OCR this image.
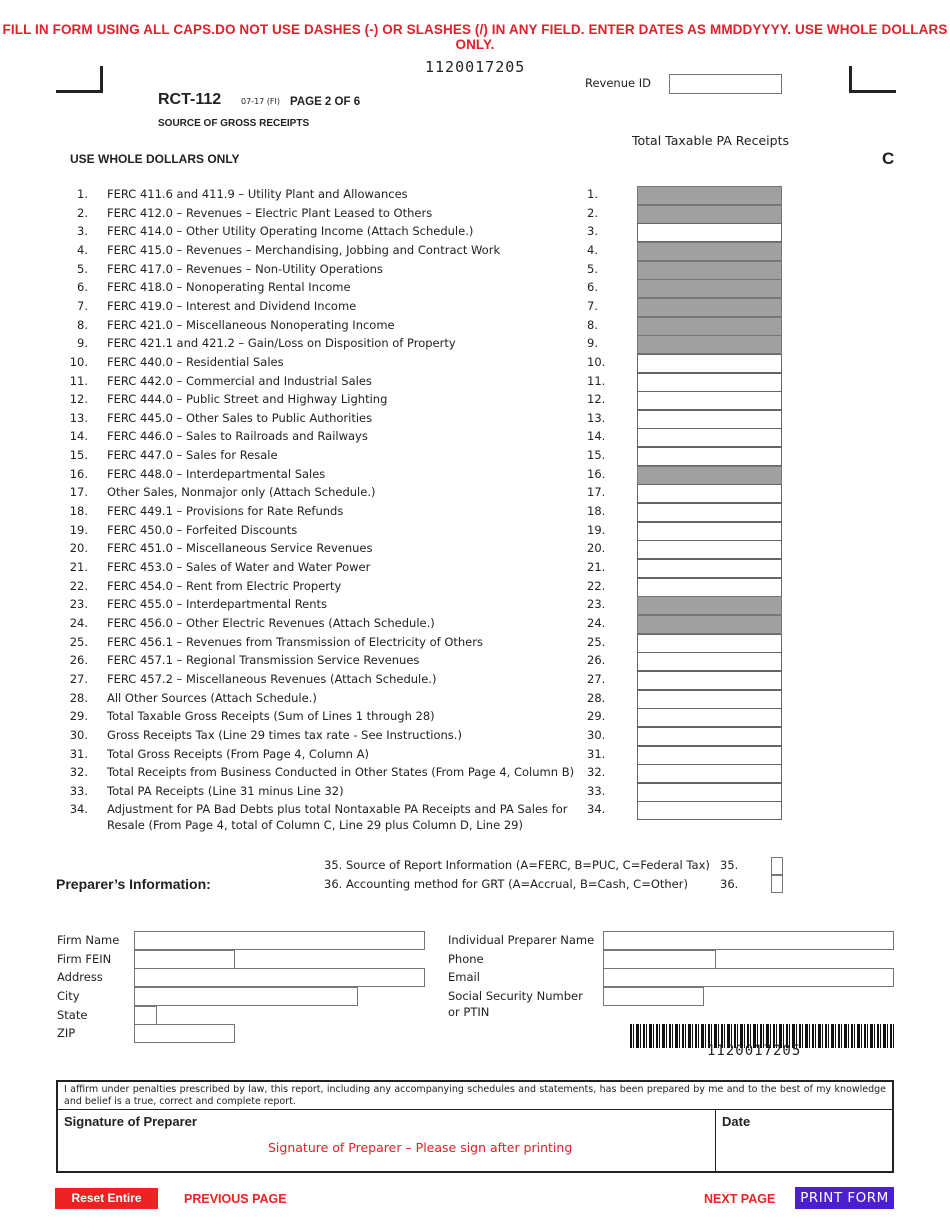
FILL IN FORM USING ALL CAPS.DO NOT USE DASHES (-) OR SLASHES (/) IN ANY FIELD. ENTER DATES AS MMDDYYYY. USE WHOLE DOLLARS ONLY.
1120017205
Revenue ID
RCT-112 07-17 (FI) PAGE 2 OF 6
SOURCE OF GROSS RECEIPTS
Total Taxable PA Receipts
C
USE WHOLE DOLLARS ONLY
1. FERC 411.6 and 411.9 – Utility Plant and Allowances	1.
2. FERC 412.0 – Revenues – Electric Plant Leased to Others	2.
3. FERC 414.0 – Other Utility Operating Income (Attach Schedule.)	3.
4. FERC 415.0 – Revenues – Merchandising, Jobbing and Contract Work	4.
5. FERC 417.0 – Revenues – Non-Utility Operations	5.
6. FERC 418.0 – Nonoperating Rental Income	6.
7. FERC 419.0 – Interest and Dividend Income	7.
8. FERC 421.0 – Miscellaneous Nonoperating Income	8.
9. FERC 421.1 and 421.2 – Gain/Loss on Disposition of Property	9.
10. FERC 440.0 – Residential Sales	10.
11. FERC 442.0 – Commercial and Industrial Sales	11.
12. FERC 444.0 – Public Street and Highway Lighting	12.
13. FERC 445.0 – Other Sales to Public Authorities	13.
14. FERC 446.0 – Sales to Railroads and Railways	14.
15. FERC 447.0 – Sales for Resale	15.
16. FERC 448.0 – Interdepartmental Sales	16.
17. Other Sales, Nonmajor only (Attach Schedule.)	17.
18. FERC 449.1 – Provisions for Rate Refunds	18.
19. FERC 450.0 – Forfeited Discounts	19.
20. FERC 451.0 – Miscellaneous Service Revenues	20.
21. FERC 453.0 – Sales of Water and Water Power	21.
22. FERC 454.0 – Rent from Electric Property	22.
23. FERC 455.0 – Interdepartmental Rents	23.
24. FERC 456.0 – Other Electric Revenues (Attach Schedule.)	24.
25. FERC 456.1 – Revenues from Transmission of Electricity of Others	25.
26. FERC 457.1 – Regional Transmission Service Revenues	26.
27. FERC 457.2 – Miscellaneous Revenues (Attach Schedule.)	27.
28. All Other Sources (Attach Schedule.)	28.
29. Total Taxable Gross Receipts (Sum of Lines 1 through 28)	29.
30. Gross Receipts Tax (Line 29 times tax rate - See Instructions.)	30.
31. Total Gross Receipts (From Page 4, Column A)	31.
32. Total Receipts from Business Conducted in Other States (From Page 4, Column B) 32.
33. Total PA Receipts (Line 31 minus Line 32)	33.
34. Adjustment for PA Bad Debts plus total Nontaxable PA Receipts and PA Sales for
Resale (From Page 4, total of Column C, Line 29 plus Column D, Line 29)
34.
35. Source of Report Information (A=FERC, B=PUC, C=Federal Tax) 35.
36. Accounting method for GRT (A=Accrual, B=Cash, C=Other)	36.
Preparer’s Information:
Firm Name
Firm FEIN
Address
City
State
ZIP
Individual Preparer Name
Phone
Email
Social Security Number
or PTIN
1120017205
I affirm under penalties prescribed by law, this report, including any accompanying schedules and statements, has been prepared by me and to the best of my knowledge and belief is a true, correct and complete report.
Signature of Preparer	Date
Signature of Preparer – Please sign after printing
Reset Entire Form
PREVIOUS PAGE	NEXT PAGE	PRINT FORM
